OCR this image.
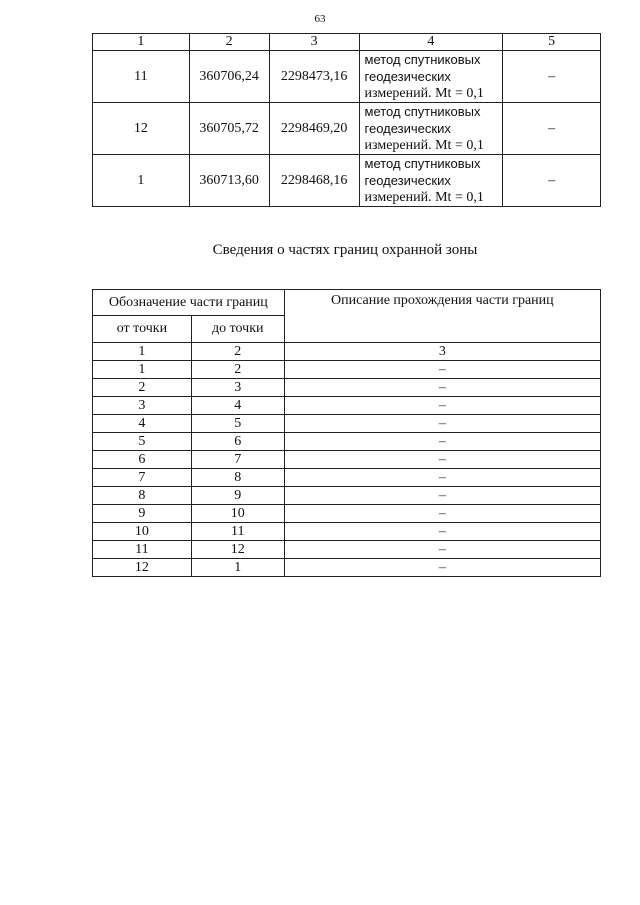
63
1	2	3	4	5
11	360706,24	2298473,16	метод спутниковых
геодезических
измерений. Mt = 0,1	–
12	360705,72	2298469,20	метод спутниковых
геодезических
измерений. Mt = 0,1	–
1	360713,60	2298468,16	метод спутниковых
геодезических
измерений. Mt = 0,1	–
Сведения о частях границ охранной зоны
Обозначение части границ		Описание прохождения части границ
от точки	до точки	
1	2	3
1	2	–
2	3	–
3	4	–
4	5	–
5	6	–
6	7	–
7	8	–
8	9	–
9	10	–
10	11	–
11	12	–
12	1	–
